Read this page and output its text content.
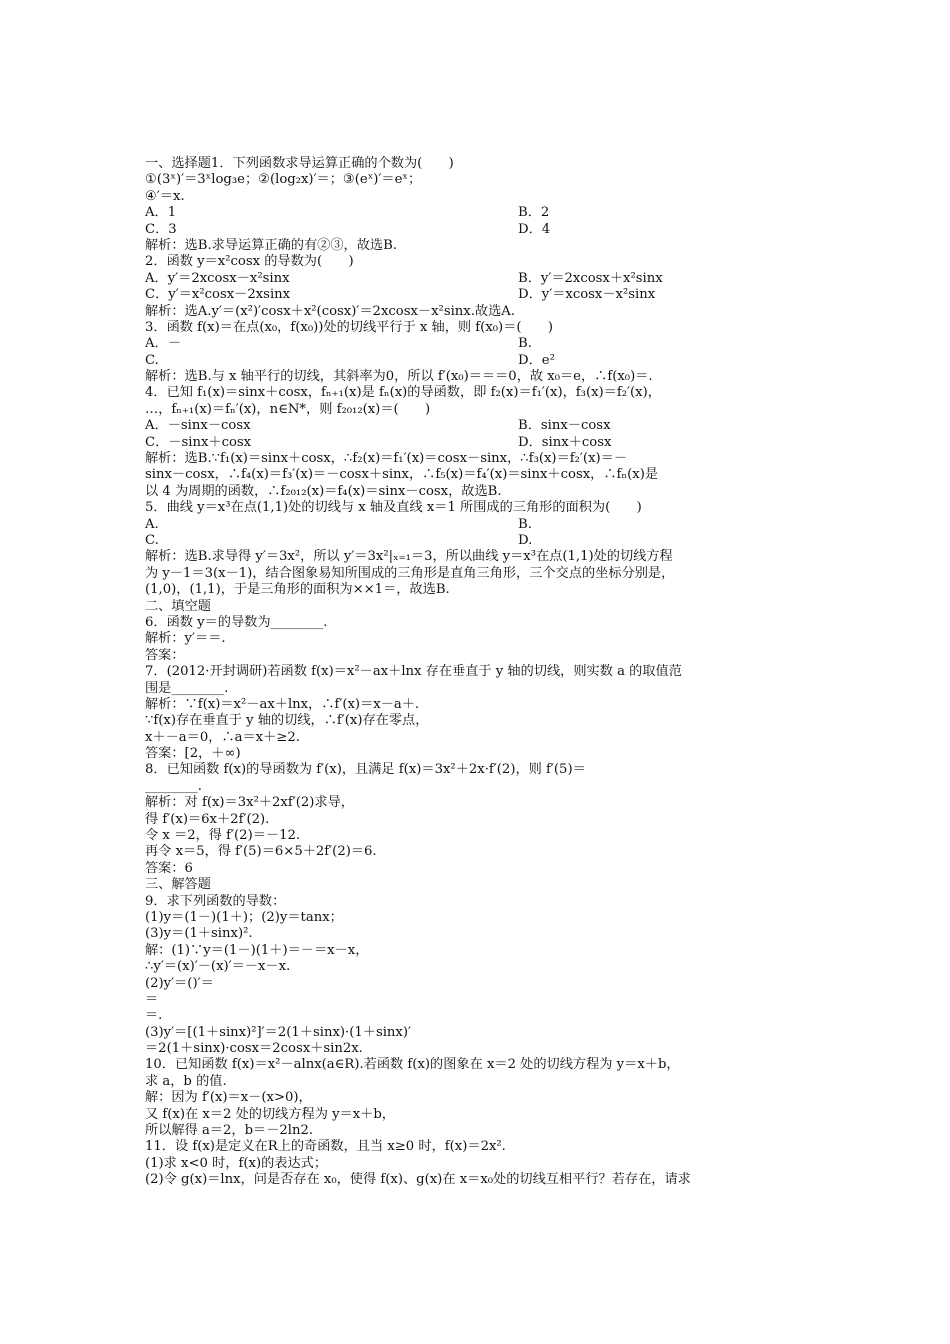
一、选择题1．下列函数求导运算正确的个数为(　　)
①(3ˣ)′＝3ˣlog₃e；②(log₂x)′＝；③(eˣ)′＝eˣ；
④′＝x.
A．1	B．2
C．3	D．4
解析：选B.求导运算正确的有②③，故选B.
2．函数 y＝x²cosx 的导数为(　　)
A．y′＝2xcosx－x²sinx	B．y′＝2xcosx＋x²sinx
C．y′＝x²cosx－2xsinx	D．y′＝xcosx－x²sinx
解析：选A.y′＝(x²)′cosx＋x²(cosx)′＝2xcosx－x²sinx.故选A.
3．函数 f(x)＝在点(x₀，f(x₀))处的切线平行于 x 轴，则 f(x₀)＝(　　)
A．－	B.
C.	D．e²
解析：选B.与 x 轴平行的切线，其斜率为0，所以 f′(x₀)＝＝＝0，故 x₀＝e，∴f(x₀)＝.
4．已知 f₁(x)＝sinx＋cosx，fₙ₊₁(x)是 fₙ(x)的导函数，即 f₂(x)＝f₁′(x)，f₃(x)＝f₂′(x)，
…，fₙ₊₁(x)＝fₙ′(x)，n∈N*，则 f₂₀₁₂(x)＝(　　)
A．－sinx－cosx	B．sinx－cosx
C．－sinx＋cosx	D．sinx＋cosx
解析：选B.∵f₁(x)＝sinx＋cosx，∴f₂(x)＝f₁′(x)＝cosx－sinx，∴f₃(x)＝f₂′(x)＝－
sinx－cosx，∴f₄(x)＝f₃′(x)＝－cosx＋sinx，∴f₅(x)＝f₄′(x)＝sinx＋cosx，∴fₙ(x)是
以 4 为周期的函数，∴f₂₀₁₂(x)＝f₄(x)＝sinx－cosx，故选B.
5．曲线 y＝x³在点(1,1)处的切线与 x 轴及直线 x＝1 所围成的三角形的面积为(　　)
A.	B.
C.	D.
解析：选B.求导得 y′＝3x²，所以 y′＝3x²|ₓ₌₁＝3，所以曲线 y＝x³在点(1,1)处的切线方程
为 y－1＝3(x－1)，结合图象易知所围成的三角形是直角三角形，三个交点的坐标分别是，
(1,0)，(1,1)，于是三角形的面积为××1＝，故选B.
二、填空题
6．函数 y＝的导数为________.
解析：y′＝＝.
答案：
7．(2012·开封调研)若函数 f(x)＝x²－ax＋lnx 存在垂直于 y 轴的切线，则实数 a 的取值范
围是________.
解析：∵f(x)＝x²－ax＋lnx，∴f′(x)＝x－a＋.
∵f(x)存在垂直于 y 轴的切线，∴f′(x)存在零点，
x＋－a＝0，∴a＝x＋≥2.
答案：[2，＋∞)
8．已知函数 f(x)的导函数为 f′(x)，且满足 f(x)＝3x²＋2x·f′(2)，则 f′(5)＝
________.
解析：对 f(x)＝3x²＋2xf′(2)求导，
得 f′(x)＝6x＋2f′(2).
令 x ＝2，得 f′(2)＝－12.
再令 x＝5，得 f′(5)＝6×5＋2f′(2)＝6.
答案：6
三、解答题
9．求下列函数的导数：
(1)y＝(1－)(1＋)；(2)y＝tanx；
(3)y＝(1＋sinx)².
解：(1)∵y＝(1－)(1＋)＝－＝x－x，
∴y′＝(x)′－(x)′＝－x－x.
(2)y′＝()′＝
＝
＝.
(3)y′＝[(1＋sinx)²]′＝2(1＋sinx)·(1＋sinx)′
＝2(1＋sinx)·cosx＝2cosx＋sin2x.
10．已知函数 f(x)＝x²－alnx(a∈R).若函数 f(x)的图象在 x＝2 处的切线方程为 y＝x＋b，
求 a，b 的值.
解：因为 f′(x)＝x－(x>0)，
又 f(x)在 x＝2 处的切线方程为 y＝x＋b，
所以解得 a＝2，b＝－2ln2.
11．设 f(x)是定义在R上的奇函数，且当 x≥0 时，f(x)＝2x².
(1)求 x<0 时，f(x)的表达式；
(2)令 g(x)＝lnx，问是否存在 x₀，使得 f(x)、g(x)在 x＝x₀处的切线互相平行？若存在，请求
